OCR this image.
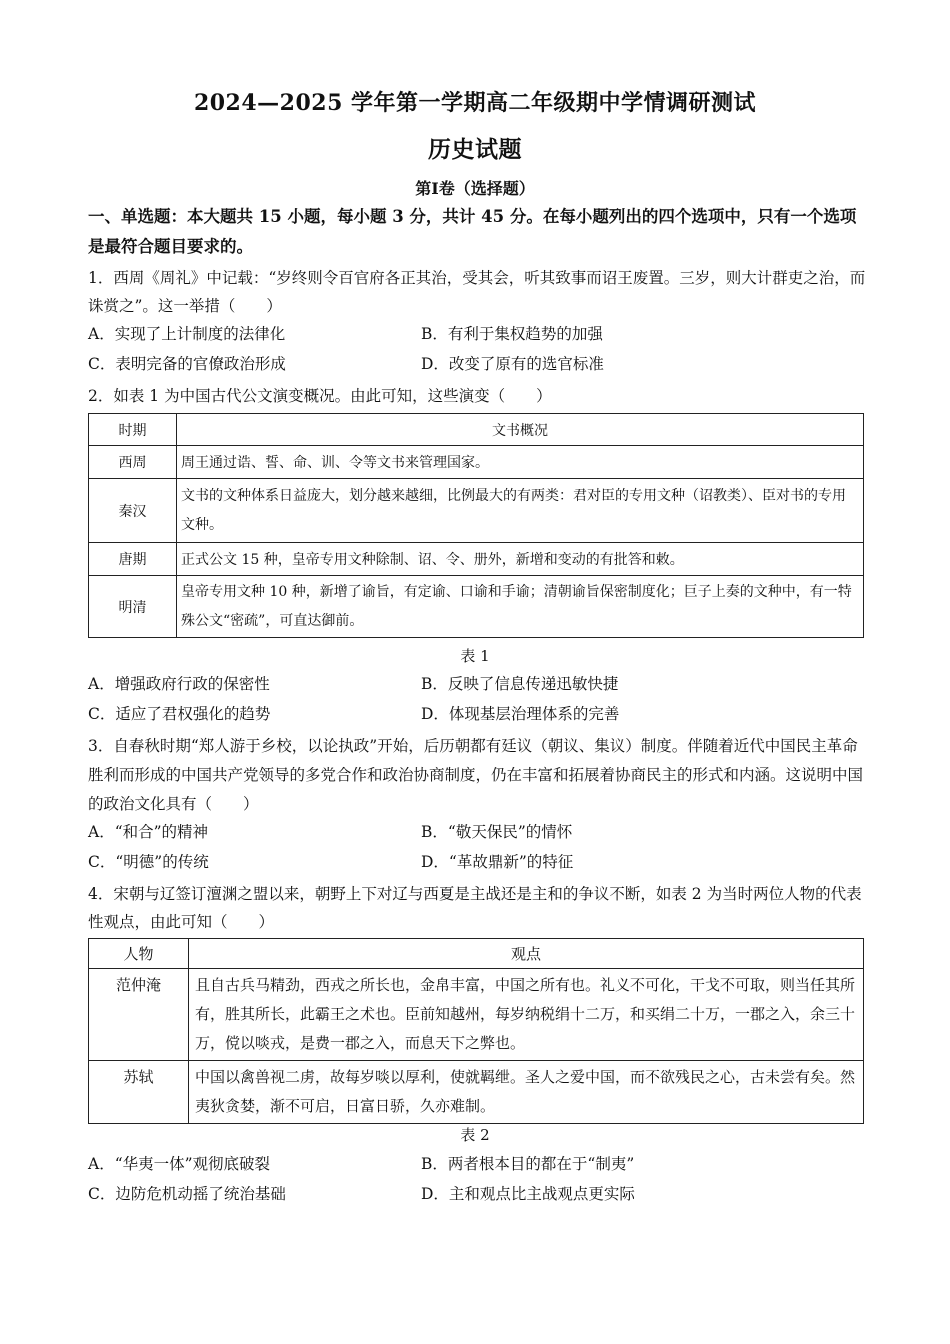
2024—2025 学年第一学期高二年级期中学情调研测试
历史试题
第Ⅰ卷（选择题）
一、单选题：本大题共 15 小题，每小题 3 分，共计 45 分。在每小题列出的四个选项中，只有一个选项是最符合题目要求的。
1．西周《周礼》中记载：“岁终则令百官府各正其治，受其会，听其致事而诏王废置。三岁，则大计群吏之治，而诛赏之”。这一举措（　　）
A．实现了上计制度的法律化	B．有利于集权趋势的加强
C．表明完备的官僚政治形成	D．改变了原有的选官标准
2．如表 1 为中国古代公文演变概况。由此可知，这些演变（　　）
时期	文书概况
西周	周王通过诰、誓、命、训、令等文书来管理国家。
秦汉	文书的文种体系日益庞大，划分越来越细，比例最大的有两类：君对臣的专用文种（诏教类）、臣对书的专用文种。
唐期	正式公文 15 种，皇帝专用文种除制、诏、令、册外，新增和变动的有批答和敕。
明清	皇帝专用文种 10 种，新增了谕旨，有定谕、口谕和手谕；清朝谕旨保密制度化；巨子上奏的文种中，有一特殊公文“密疏”，可直达御前。
表 1
A．增强政府行政的保密性	B．反映了信息传递迅敏快捷
C．适应了君权强化的趋势	D．体现基层治理体系的完善
3．自春秋时期“郑人游于乡校，以论执政”开始，后历朝都有廷议（朝议、集议）制度。伴随着近代中国民主革命胜利而形成的中国共产党领导的多党合作和政治协商制度，仍在丰富和拓展着协商民主的形式和内涵。这说明中国的政治文化具有（　　）
A．“和合”的精神	B．“敬天保民”的情怀
C．“明德”的传统	D．“革故鼎新”的特征
4．宋朝与辽签订澶渊之盟以来，朝野上下对辽与西夏是主战还是主和的争议不断，如表 2 为当时两位人物的代表性观点，由此可知（　　）
人物	观点
范仲淹	且自古兵马精劲，西戎之所长也，金帛丰富，中国之所有也。礼义不可化，干戈不可取，则当任其所有，胜其所长，此霸王之术也。臣前知越州，每岁纳税绢十二万，和买绢二十万，一郡之入，余三十万，傥以啖戎，是费一郡之入，而息天下之弊也。
苏轼	中国以禽兽视二虏，故每岁啖以厚利，使就羁绁。圣人之爱中国，而不欲残民之心，古未尝有矣。然夷狄贪婪，渐不可启，日富日骄，久亦难制。
表 2
A．“华夷一体”观彻底破裂	B．两者根本目的都在于“制夷”
C．边防危机动摇了统治基础	D．主和观点比主战观点更实际
